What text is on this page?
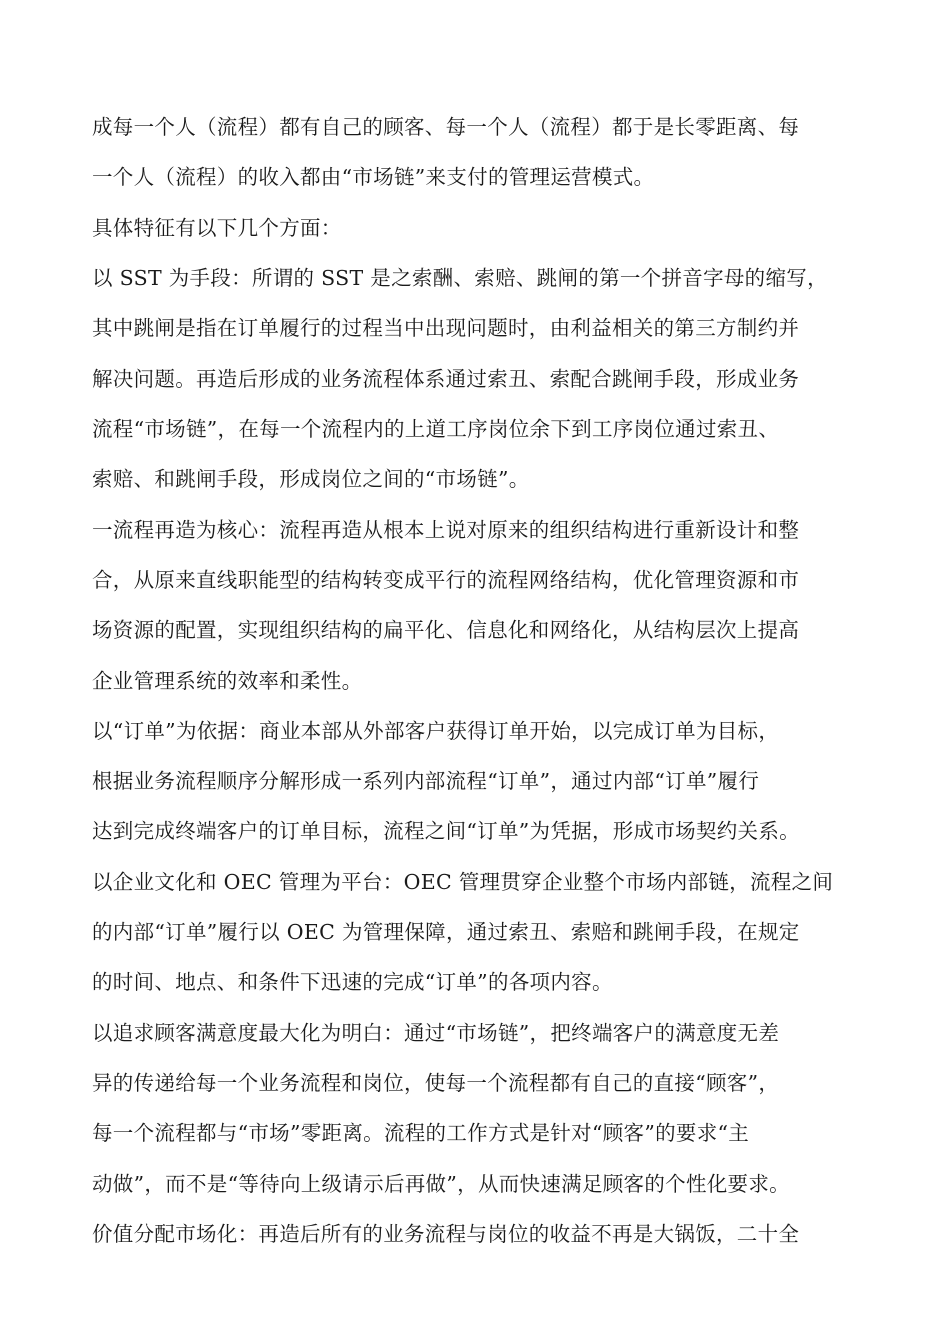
成每一个人（流程）都有自己的顾客、每一个人（流程）都于是长零距离、每
一个人（流程）的收入都由“市场链”来支付的管理运营模式。
具体特征有以下几个方面：
以 SST 为手段：所谓的 SST 是之索酬、索赔、跳闸的第一个拼音字母的缩写，
其中跳闸是指在订单履行的过程当中出现问题时，由利益相关的第三方制约并
解决问题。再造后形成的业务流程体系通过索丑、索配合跳闸手段，形成业务
流程“市场链”，在每一个流程内的上道工序岗位余下到工序岗位通过索丑、
索赔、和跳闸手段，形成岗位之间的“市场链”。
一流程再造为核心：流程再造从根本上说对原来的组织结构进行重新设计和整
合，从原来直线职能型的结构转变成平行的流程网络结构，优化管理资源和市
场资源的配置，实现组织结构的扁平化、信息化和网络化，从结构层次上提高
企业管理系统的效率和柔性。
以“订单”为依据：商业本部从外部客户获得订单开始，以完成订单为目标，
根据业务流程顺序分解形成一系列内部流程“订单”，通过内部“订单”履行
达到完成终端客户的订单目标，流程之间“订单”为凭据，形成市场契约关系。
以企业文化和 OEC 管理为平台：OEC 管理贯穿企业整个市场内部链，流程之间
的内部“订单”履行以 OEC 为管理保障，通过索丑、索赔和跳闸手段，在规定
的时间、地点、和条件下迅速的完成“订单”的各项内容。
以追求顾客满意度最大化为明白：通过“市场链”，把终端客户的满意度无差
异的传递给每一个业务流程和岗位，使每一个流程都有自己的直接“顾客”，
每一个流程都与“市场”零距离。流程的工作方式是针对“顾客”的要求“主
动做”，而不是“等待向上级请示后再做”，从而快速满足顾客的个性化要求。
价值分配市场化：再造后所有的业务流程与岗位的收益不再是大锅饭，二十全
